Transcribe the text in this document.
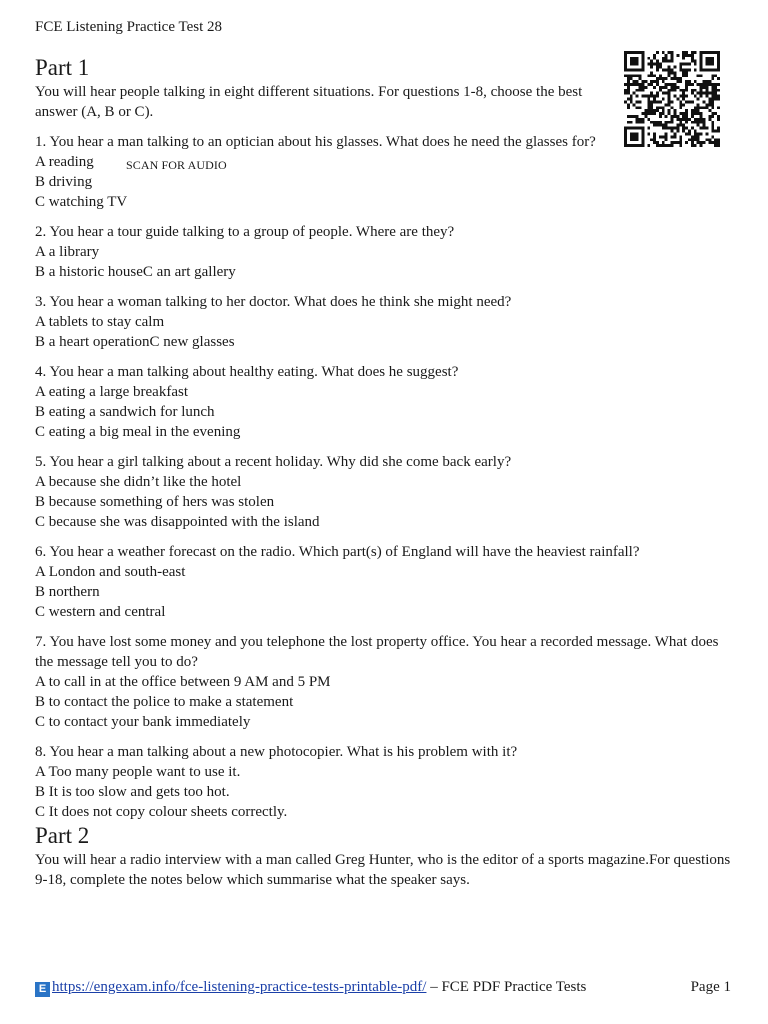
FCE Listening Practice Test 28
SCAN FOR AUDIO
Part 1

You will hear people talking in eight different situations. For questions 1-8, choose the best answer (A, B or C).

1. You hear a man talking to an optician about his glasses. What does he need the glasses for?
A reading
B driving
C watching TV
2. You hear a tour guide talking to a group of people. Where are they?
A a library
B a historic houseC an art gallery
3. You hear a woman talking to her doctor. What does he think she might need?
A tablets to stay calm
B a heart operationC new glasses
4. You hear a man talking about healthy eating. What does he suggest?
A eating a large breakfast
B eating a sandwich for lunch
C eating a big meal in the evening
5. You hear a girl talking about a recent holiday. Why did she come back early?
A because she didn’t like the hotel
B because something of hers was stolen
C because she was disappointed with the island
6. You hear a weather forecast on the radio. Which part(s) of England will have the heaviest rainfall?
A London and south-east
B northern
C western and central
7. You have lost some money and you telephone the lost property office. You hear a recorded message. What does the message tell you to do?
A to call in at the office between 9 AM and 5 PM
B to contact the police to make a statement
C to contact your bank immediately
8. You hear a man talking about a new photocopier. What is his problem with it?
A Too many people want to use it.
B It is too slow and gets too hot.
C It does not copy colour sheets correctly.
Part 2

You will hear a radio interview with a man called Greg Hunter, who is the editor of a sports magazine.For questions 9-18, complete the notes below which summarise what the speaker says.

E https://engexam.info/fce-listening-practice-tests-printable-pdf/ – FCE PDF Practice Tests	Page 1
